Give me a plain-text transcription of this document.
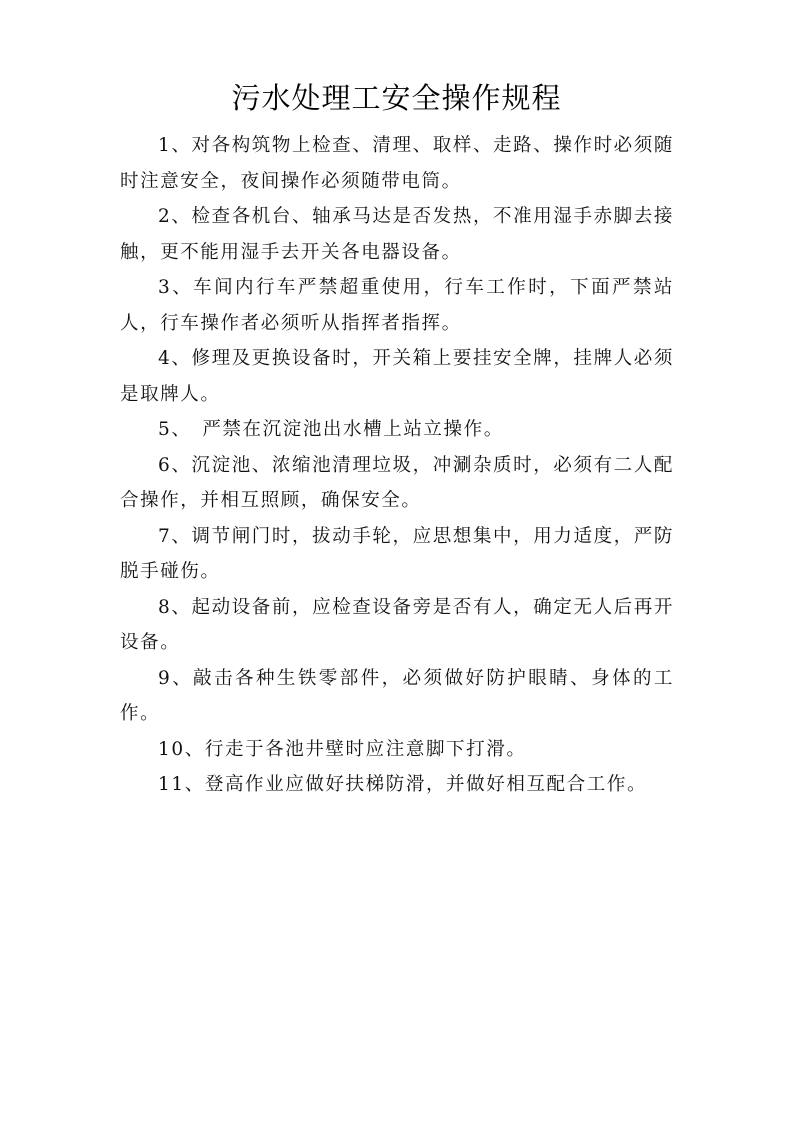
污水处理工安全操作规程

1、对各构筑物上检查、清理、取样、走路、操作时必须随时注意安全，夜间操作必须随带电筒。

2、检查各机台、轴承马达是否发热，不准用湿手赤脚去接触，更不能用湿手去开关各电器设备。

3、车间内行车严禁超重使用，行车工作时，下面严禁站人，行车操作者必须听从指挥者指挥。

4、修理及更换设备时，开关箱上要挂安全牌，挂牌人必须是取牌人。

5、　严禁在沉淀池出水槽上站立操作。

6、沉淀池、浓缩池清理垃圾，冲涮杂质时，必须有二人配合操作，并相互照顾，确保安全。

7、调节闸门时，拔动手轮，应思想集中，用力适度，严防脱手碰伤。

8、起动设备前，应检查设备旁是否有人，确定无人后再开设备。

9、敲击各种生铁零部件，必须做好防护眼睛、身体的工作。

10、行走于各池井壁时应注意脚下打滑。

11、登高作业应做好扶梯防滑，并做好相互配合工作。
